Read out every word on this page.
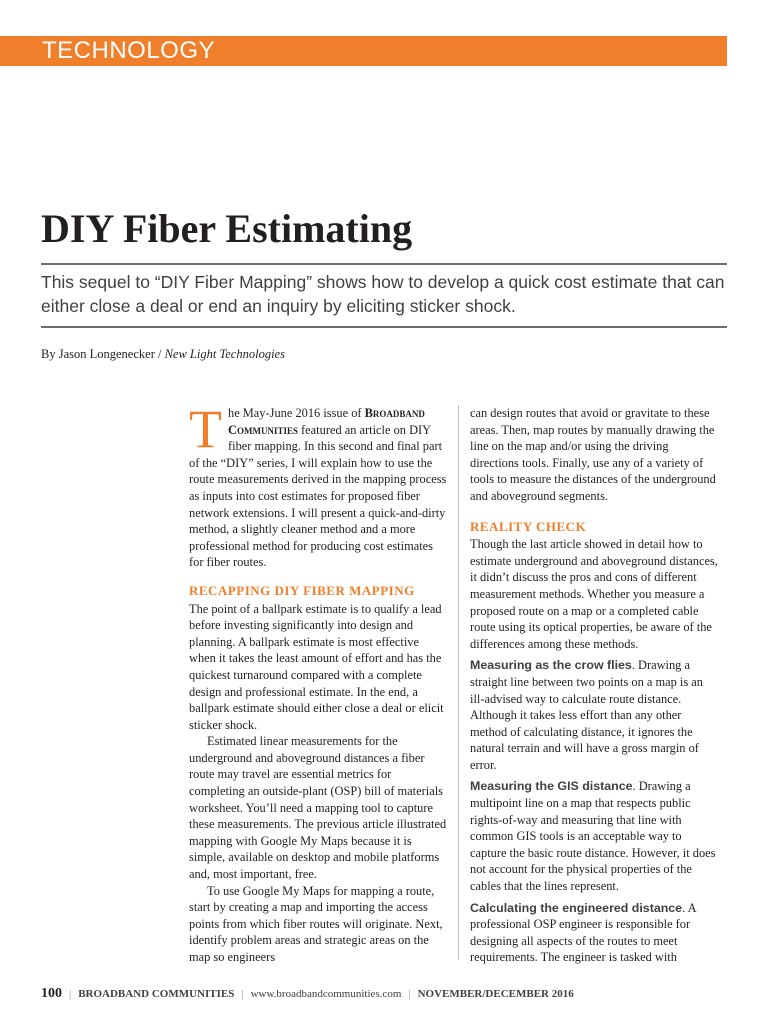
TECHNOLOGY
DIY Fiber Estimating

This sequel to “DIY Fiber Mapping” shows how to develop a quick cost estimate that can either close a deal or end an inquiry by eliciting sticker shock.

By Jason Longenecker / New Light Technologies

The May-June 2016 issue of Broadband Communities featured an article on DIY fiber mapping. In this second and final part of the “DIY” series, I will explain how to use the route measurements derived in the mapping process as inputs into cost estimates for proposed fiber network extensions. I will present a quick-and-dirty method, a slightly cleaner method and a more professional method for producing cost estimates for fiber routes.

RECAPPING DIY FIBER MAPPING

The point of a ballpark estimate is to qualify a lead before investing significantly into design and planning. A ballpark estimate is most effective when it takes the least amount of effort and has the quickest turnaround compared with a complete design and professional estimate. In the end, a ballpark estimate should either close a deal or elicit sticker shock.

Estimated linear measurements for the underground and aboveground distances a fiber route may travel are essential metrics for completing an outside-plant (OSP) bill of materials worksheet. You’ll need a mapping tool to capture these measurements. The previous article illustrated mapping with Google My Maps because it is simple, available on desktop and mobile platforms and, most important, free.

To use Google My Maps for mapping a route, start by creating a map and importing the access points from which fiber routes will originate. Next, identify problem areas and strategic areas on the map so engineers

can design routes that avoid or gravitate to these areas. Then, map routes by manually drawing the line on the map and/or using the driving directions tools. Finally, use any of a variety of tools to measure the distances of the underground and aboveground segments.

REALITY CHECK

Though the last article showed in detail how to estimate underground and aboveground distances, it didn’t discuss the pros and cons of different measurement methods. Whether you measure a proposed route on a map or a completed cable route using its optical properties, be aware of the differences among these methods.

Measuring as the crow flies. Drawing a straight line between two points on a map is an ill-advised way to calculate route distance. Although it takes less effort than any other method of calculating distance, it ignores the natural terrain and will have a gross margin of error.

Measuring the GIS distance. Drawing a multipoint line on a map that respects public rights-of-way and measuring that line with common GIS tools is an acceptable way to capture the basic route distance. However, it does not account for the physical properties of the cables that the lines represent.

Calculating the engineered distance. A professional OSP engineer is responsible for designing all aspects of the routes to meet requirements. The engineer is tasked with

100 | BROADBAND COMMUNITIES | www.broadbandcommunities.com | NOVEMBER/DECEMBER 2016
